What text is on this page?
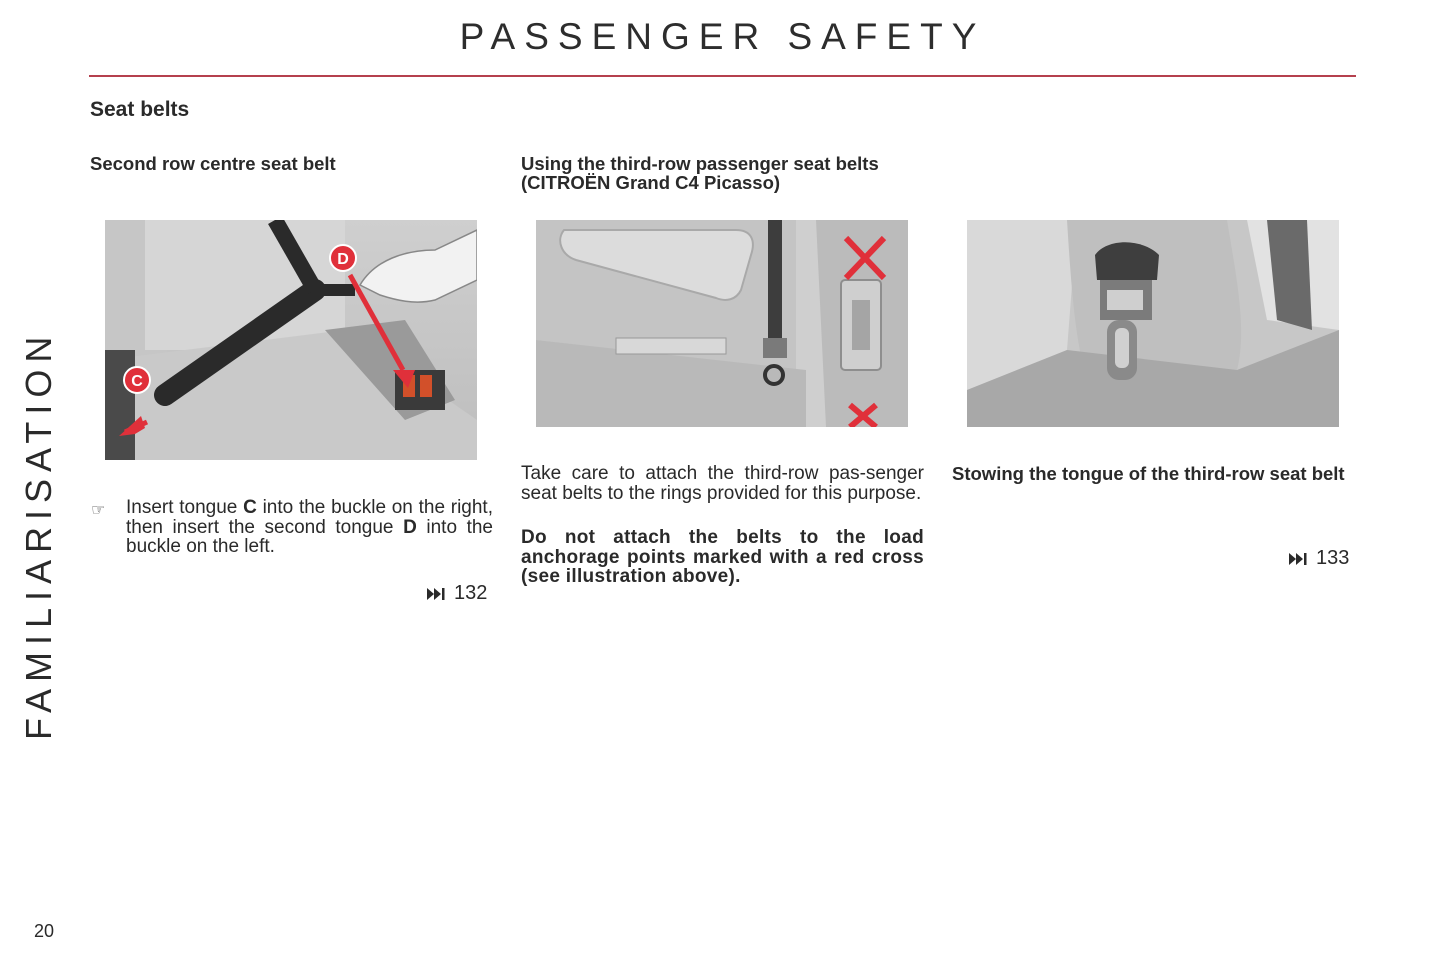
PASSENGER SAFETY
FAMILIARISATION
Seat belts
Second row centre seat belt	Using the third-row passenger seat belts (CITROËN Grand C4 Picasso)
C
D
Take care to attach the third-row pas-senger seat belts to the rings provided for this purpose.
Do not attach the belts to the load anchorage points marked with a red cross (see illustration above).
Stowing the tongue of the third-row seat belt
☞ Insert tongue C into the buckle on the right, then insert the second tongue D into the buckle on the left.
132
133
20
